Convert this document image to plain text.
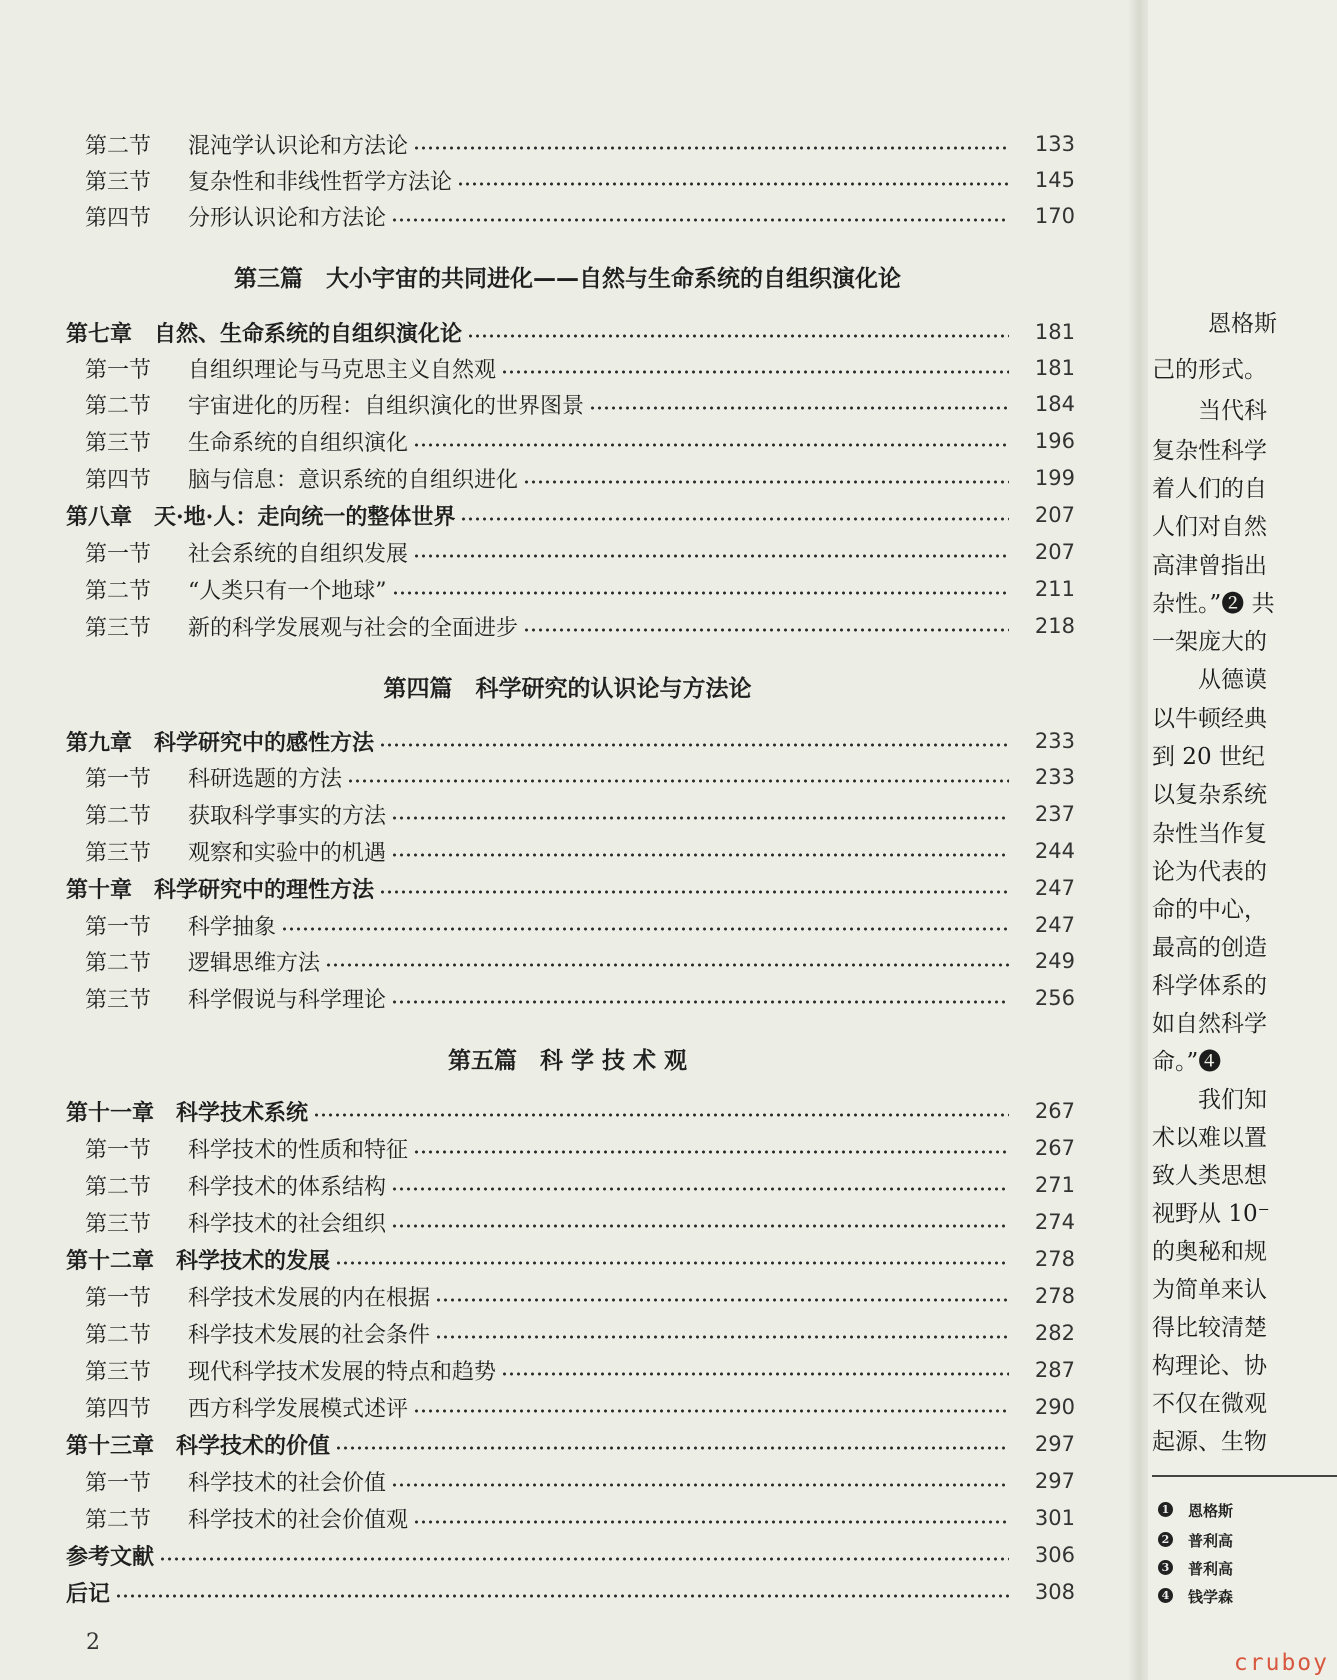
第二节 混沌学认识论和方法论	133
第三节 复杂性和非线性哲学方法论	145
第四节 分形认识论和方法论	170
第三篇　大小宇宙的共同进化——自然与生命系统的自组织演化论
第七章 自然、生命系统的自组织演化论	181
第一节 自组织理论与马克思主义自然观	181
第二节 宇宙进化的历程：自组织演化的世界图景	184
第三节 生命系统的自组织演化	196
第四节 脑与信息：意识系统的自组织进化	199
第八章 天·地·人：走向统一的整体世界	207
第一节 社会系统的自组织发展	207
第二节 “人类只有一个地球”	211
第三节 新的科学发展观与社会的全面进步	218
第四篇　科学研究的认识论与方法论
第九章 科学研究中的感性方法	233
第一节 科研选题的方法	233
第二节 获取科学事实的方法	237
第三节 观察和实验中的机遇	244
第十章 科学研究中的理性方法	247
第一节 科学抽象	247
第二节 逻辑思维方法	249
第三节 科学假说与科学理论	256
第五篇　科 学 技 术 观
第十一章 科学技术系统	267
第一节 科学技术的性质和特征	267
第二节 科学技术的体系结构	271
第三节 科学技术的社会组织	274
第十二章 科学技术的发展	278
第一节 科学技术发展的内在根据	278
第二节 科学技术发展的社会条件	282
第三节 现代科学技术发展的特点和趋势	287
第四节 西方科学发展模式述评	290
第十三章 科学技术的价值	297
第一节 科学技术的社会价值	297
第二节 科学技术的社会价值观	301
参考文献	306
后记	308
2
恩格斯
己的形式。
当代科
复杂性科学
着人们的自
人们对自然
高津曾指出
杂性。”❷ 共
一架庞大的
从德谟
以牛顿经典
到 20 世纪
以复杂系统
杂性当作复
论为代表的
命的中心，
最高的创造
科学体系的
如自然科学
命。”❹
我们知
术以难以置
致人类思想
视野从 10⁻
的奥秘和规
为简单来认
得比较清楚
构理论、协
不仅在微观
起源、生物
1 恩格斯
2 普利高
3 普利高
4 钱学森
cruboy
